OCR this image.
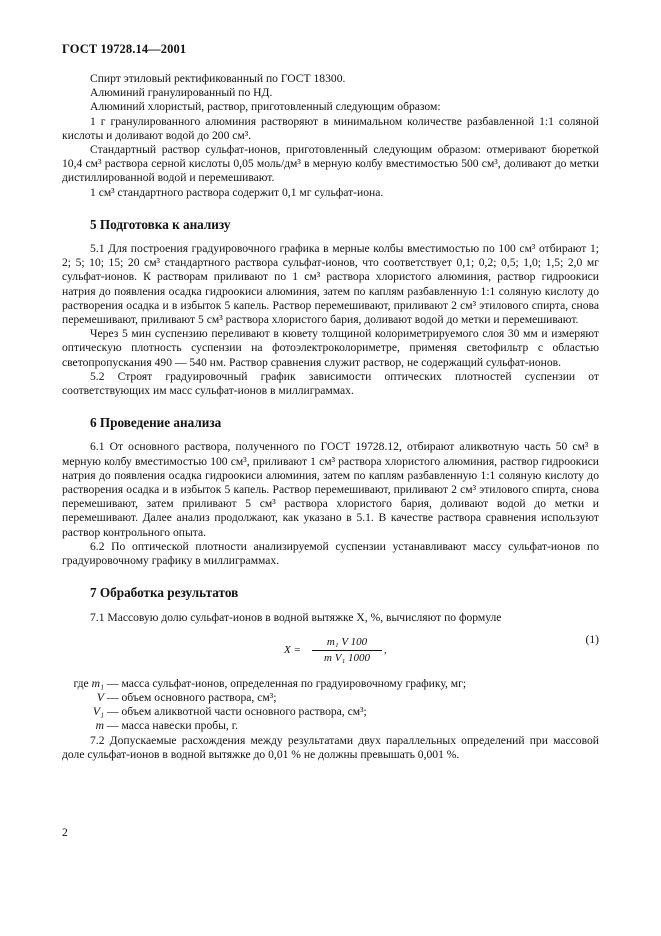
ГОСТ 19728.14—2001

Спирт этиловый ректификованный по ГОСТ 18300.

Алюминий гранулированный по НД.

Алюминий хлористый, раствор, приготовленный следующим образом:

1 г гранулированного алюминия растворяют в минимальном количестве разбавленной 1:1 соляной кислоты и доливают водой до 200 см³.

Стандартный раствор сульфат-ионов, приготовленный следующим образом: отмеривают бюреткой 10,4 см³ раствора серной кислоты 0,05 моль/дм³ в мерную колбу вместимостью 500 см³, доливают до метки дистиллированной водой и перемешивают.

1 см³ стандартного раствора содержит 0,1 мг сульфат-иона.

5 Подготовка к анализу

5.1 Для построения градуировочного графика в мерные колбы вместимостью по 100 см³ отбирают 1; 2; 5; 10; 15; 20 см³ стандартного раствора сульфат-ионов, что соответствует 0,1; 0,2; 0,5; 1,0; 1,5; 2,0 мг сульфат-ионов. К растворам приливают по 1 см³ раствора хлористого алюминия, раствор гидроокиси натрия до появления осадка гидроокиси алюминия, затем по каплям разбавленную 1:1 соляную кислоту до растворения осадка и в избыток 5 капель. Раствор перемешивают, приливают 2 см³ этилового спирта, снова перемешивают, приливают 5 см³ раствора хлористого бария, доливают водой до метки и перемешивают.

Через 5 мин суспензию переливают в кювету толщиной колориметрируемого слоя 30 мм и измеряют оптическую плотность суспензии на фотоэлектроколориметре, применяя светофильтр с областью светопропускания 490 — 540 нм. Раствор сравнения служит раствор, не содержащий сульфат-ионов.

5.2 Строят градуировочный график зависимости оптических плотностей суспензии от соответствующих им масс сульфат-ионов в миллиграммах.

6 Проведение анализа

6.1 От основного раствора, полученного по ГОСТ 19728.12, отбирают аликвотную часть 50 см³ в мерную колбу вместимостью 100 см³, приливают 1 см³ раствора хлористого алюминия, раствор гидроокиси натрия до появления осадка гидроокиси алюминия, затем по каплям разбавленную 1:1 соляную кислоту до растворения осадка и в избыток 5 капель. Раствор перемешивают, приливают 2 см³ этилового спирта, снова перемешивают, затем приливают 5 см³ раствора хлористого бария, доливают водой до метки и перемешивают. Далее анализ продолжают, как указано в 5.1. В качестве раствора сравнения используют раствор контрольного опыта.

6.2 По оптической плотности анализируемой суспензии устанавливают массу сульфат-ионов по градуировочному графику в миллиграммах.

7 Обработка результатов

7.1 Массовую долю сульфат-ионов в водной вытяжке X, %, вычисляют по формуле

X =
m₁ V 100
m V₁ 1000
,
(1)
где m₁ — масса сульфат-ионов, определенная по градуировочному графику, мг;
V — объем основного раствора, см³;
V₁ — объем аликвотной части основного раствора, см³;
m — масса навески пробы, г.

7.2 Допускаемые расхождения между результатами двух параллельных определений при массовой доле сульфат-ионов в водной вытяжке до 0,01 % не должны превышать 0,001 %.

2
